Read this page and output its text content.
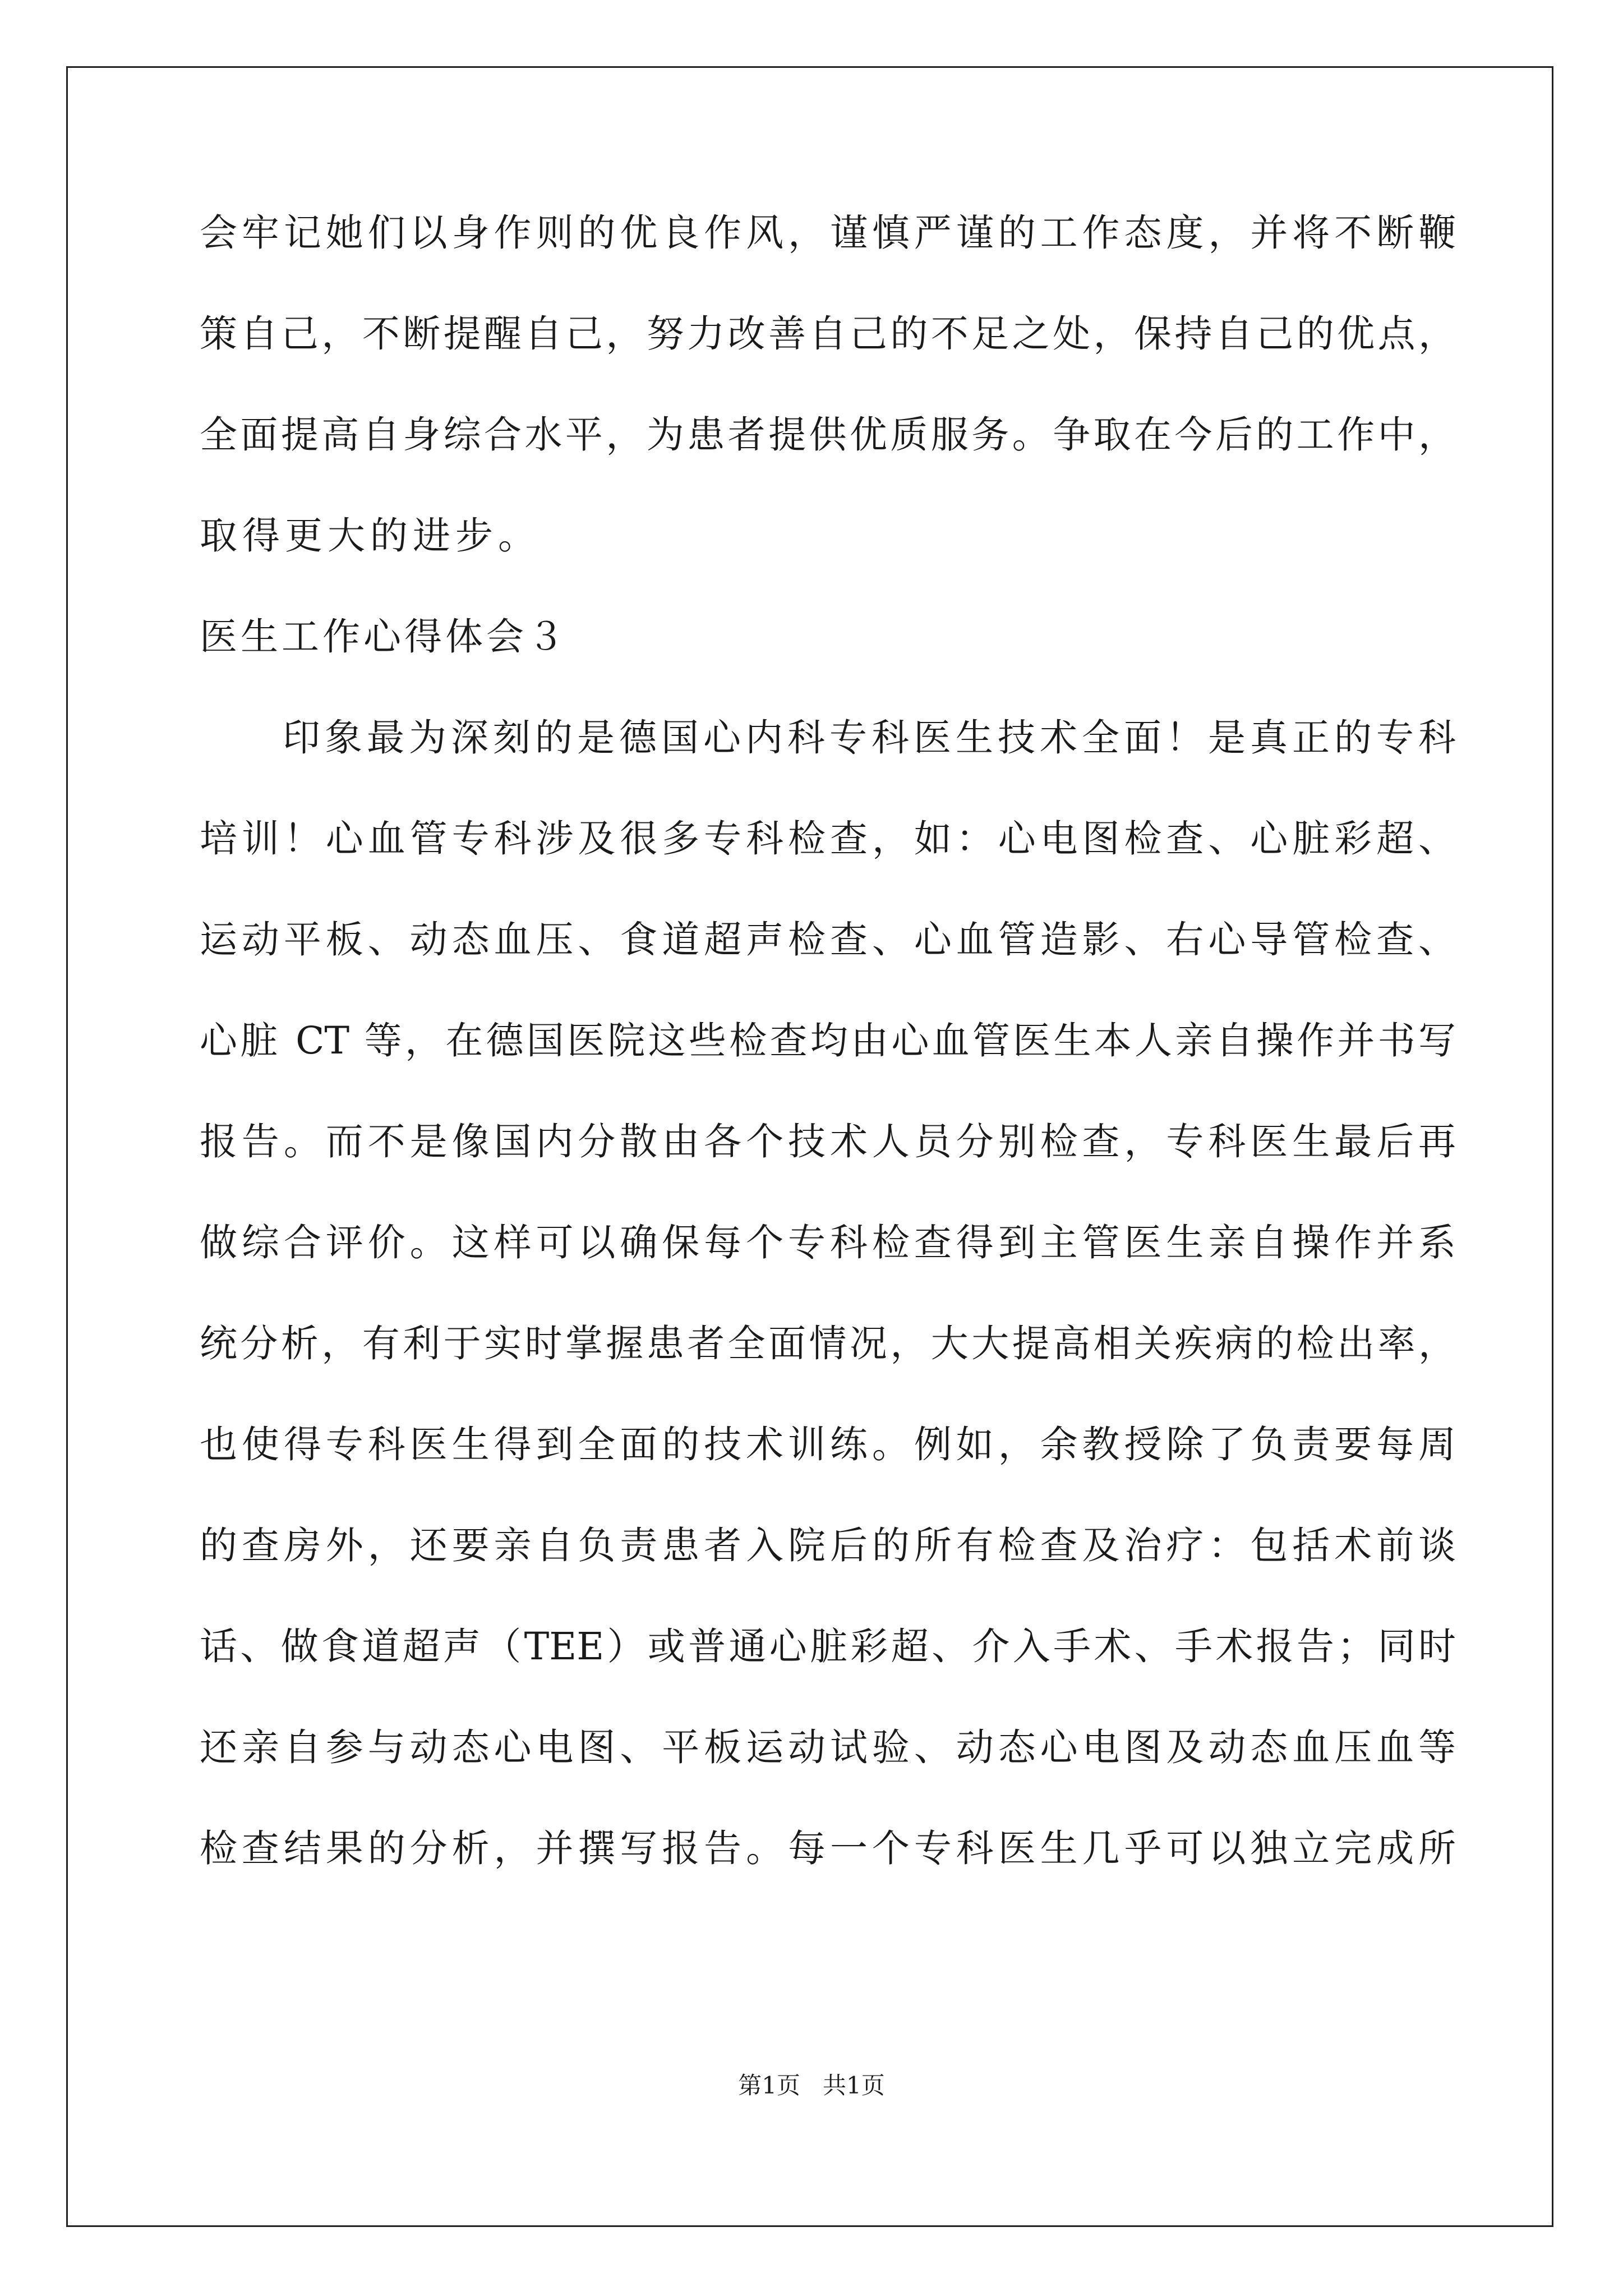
会牢记她们以身作则的优良作风，谨慎严谨的工作态度，并将不断鞭
策自己，不断提醒自己，努力改善自己的不足之处，保持自己的优点，
全面提高自身综合水平，为患者提供优质服务。争取在今后的工作中，
取得更大的进步。
医生工作心得体会３
印象最为深刻的是德国心内科专科医生技术全面！是真正的专科
培训！心血管专科涉及很多专科检查，如：心电图检查、心脏彩超、
运动平板、动态血压、食道超声检查、心血管造影、右心导管检查、
心脏 CT 等，在德国医院这些检查均由心血管医生本人亲自操作并书写
报告。而不是像国内分散由各个技术人员分别检查，专科医生最后再
做综合评价。这样可以确保每个专科检查得到主管医生亲自操作并系
统分析，有利于实时掌握患者全面情况，大大提高相关疾病的检出率，
也使得专科医生得到全面的技术训练。例如，余教授除了负责要每周
的查房外，还要亲自负责患者入院后的所有检查及治疗：包括术前谈
话、做食道超声（TEE）或普通心脏彩超、介入手术、手术报告；同时
还亲自参与动态心电图、平板运动试验、动态心电图及动态血压血等
检查结果的分析，并撰写报告。每一个专科医生几乎可以独立完成所
第1页   共1页
